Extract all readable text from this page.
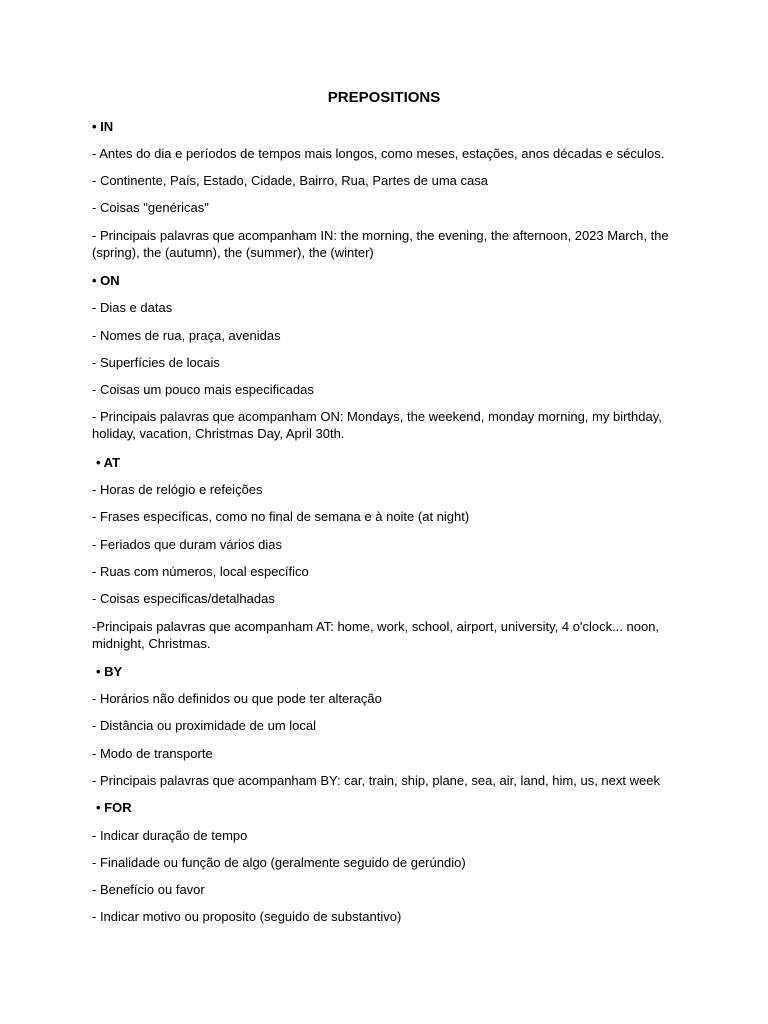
PREPOSITIONS
• IN
- Antes do dia e períodos de tempos mais longos, como meses, estações, anos décadas e séculos.
- Continente, País, Estado, Cidade, Bairro, Rua, Partes de uma casa
- Coisas "genéricas"
- Principais palavras que acompanham IN: the morning, the evening, the afternoon, 2023 March, the (spring), the (autumn), the (summer), the (winter)
• ON
- Dias e datas
- Nomes de rua, praça, avenidas
- Superfícies de locais
- Coisas um pouco mais especificadas
- Principais palavras que acompanham ON: Mondays, the weekend, monday morning, my birthday, holiday, vacation, Christmas Day, April 30th.
• AT
- Horas de relógio e refeições
- Frases específicas, como no final de semana e à noite (at night)
- Feriados que duram vários dias
- Ruas com números, local específico
- Coisas especificas/detalhadas
-Principais palavras que acompanham AT: home, work, school, airport, university, 4 o'clock... noon, midnight, Christmas.
• BY
- Horários não definidos ou que pode ter alteração
- Distância ou proximidade de um local
- Modo de transporte
- Principais palavras que acompanham BY: car, train, ship, plane, sea, air, land, him, us, next week
• FOR
- Indicar duração de tempo
- Finalidade ou função de algo (geralmente seguido de gerúndio)
- Benefício ou favor
- Indicar motivo ou proposito (seguido de substantivo)
